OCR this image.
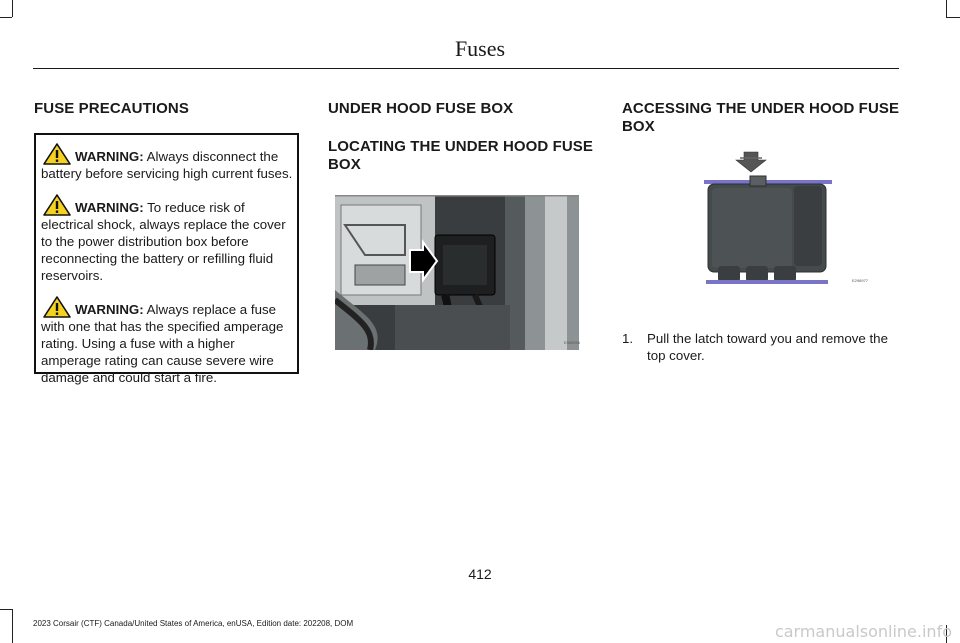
Fuses
FUSE PRECAUTIONS

WARNING: Always disconnect the battery before servicing high current fuses.

WARNING: To reduce risk of electrical shock, always replace the cover to the power distribution box before reconnecting the battery or refilling fluid reservoirs.

WARNING: Always replace a fuse with one that has the specified amperage rating. Using a fuse with a higher amperage rating can cause severe wire damage and could start a fire.

UNDER HOOD FUSE BOX
LOCATING THE UNDER HOOD FUSE BOX
E340006
ACCESSING THE UNDER HOOD FUSE BOX
E298977
1. Pull the latch toward you and remove the top cover.
412
2023 Corsair (CTF) Canada/United States of America, enUSA, Edition date: 202208, DOM	carmanualsonline.info
